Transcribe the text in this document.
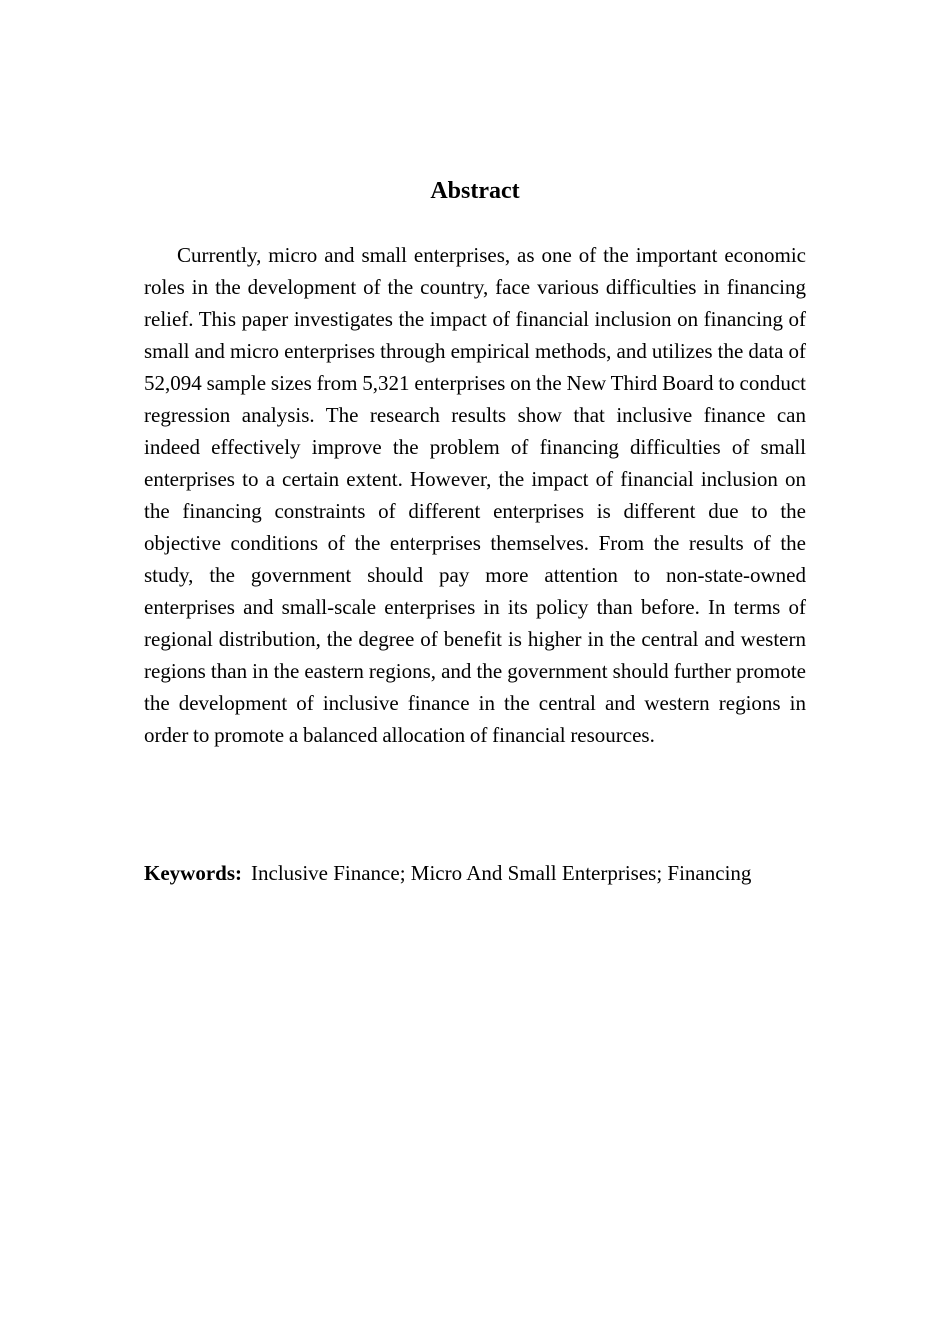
Abstract

Currently, micro and small enterprises, as one of the important economic roles in the development of the country, face various difficulties in financing relief. This paper investigates the impact of financial inclusion on financing of small and micro enterprises through empirical methods, and utilizes the data of 52,094 sample sizes from 5,321 enterprises on the New Third Board to conduct regression analysis. The research results show that inclusive finance can indeed effectively improve the problem of financing difficulties of small enterprises to a certain extent. However, the impact of financial inclusion on the financing constraints of different enterprises is different due to the objective conditions of the enterprises themselves. From the results of the study, the government should pay more attention to non-state-owned enterprises and small-scale enterprises in its policy than before. In terms of regional distribution, the degree of benefit is higher in the central and western regions than in the eastern regions, and the government should further promote the development of inclusive finance in the central and western regions in order to promote a balanced allocation of financial resources.

Keywords: Inclusive Finance; Micro And Small Enterprises; Financing
